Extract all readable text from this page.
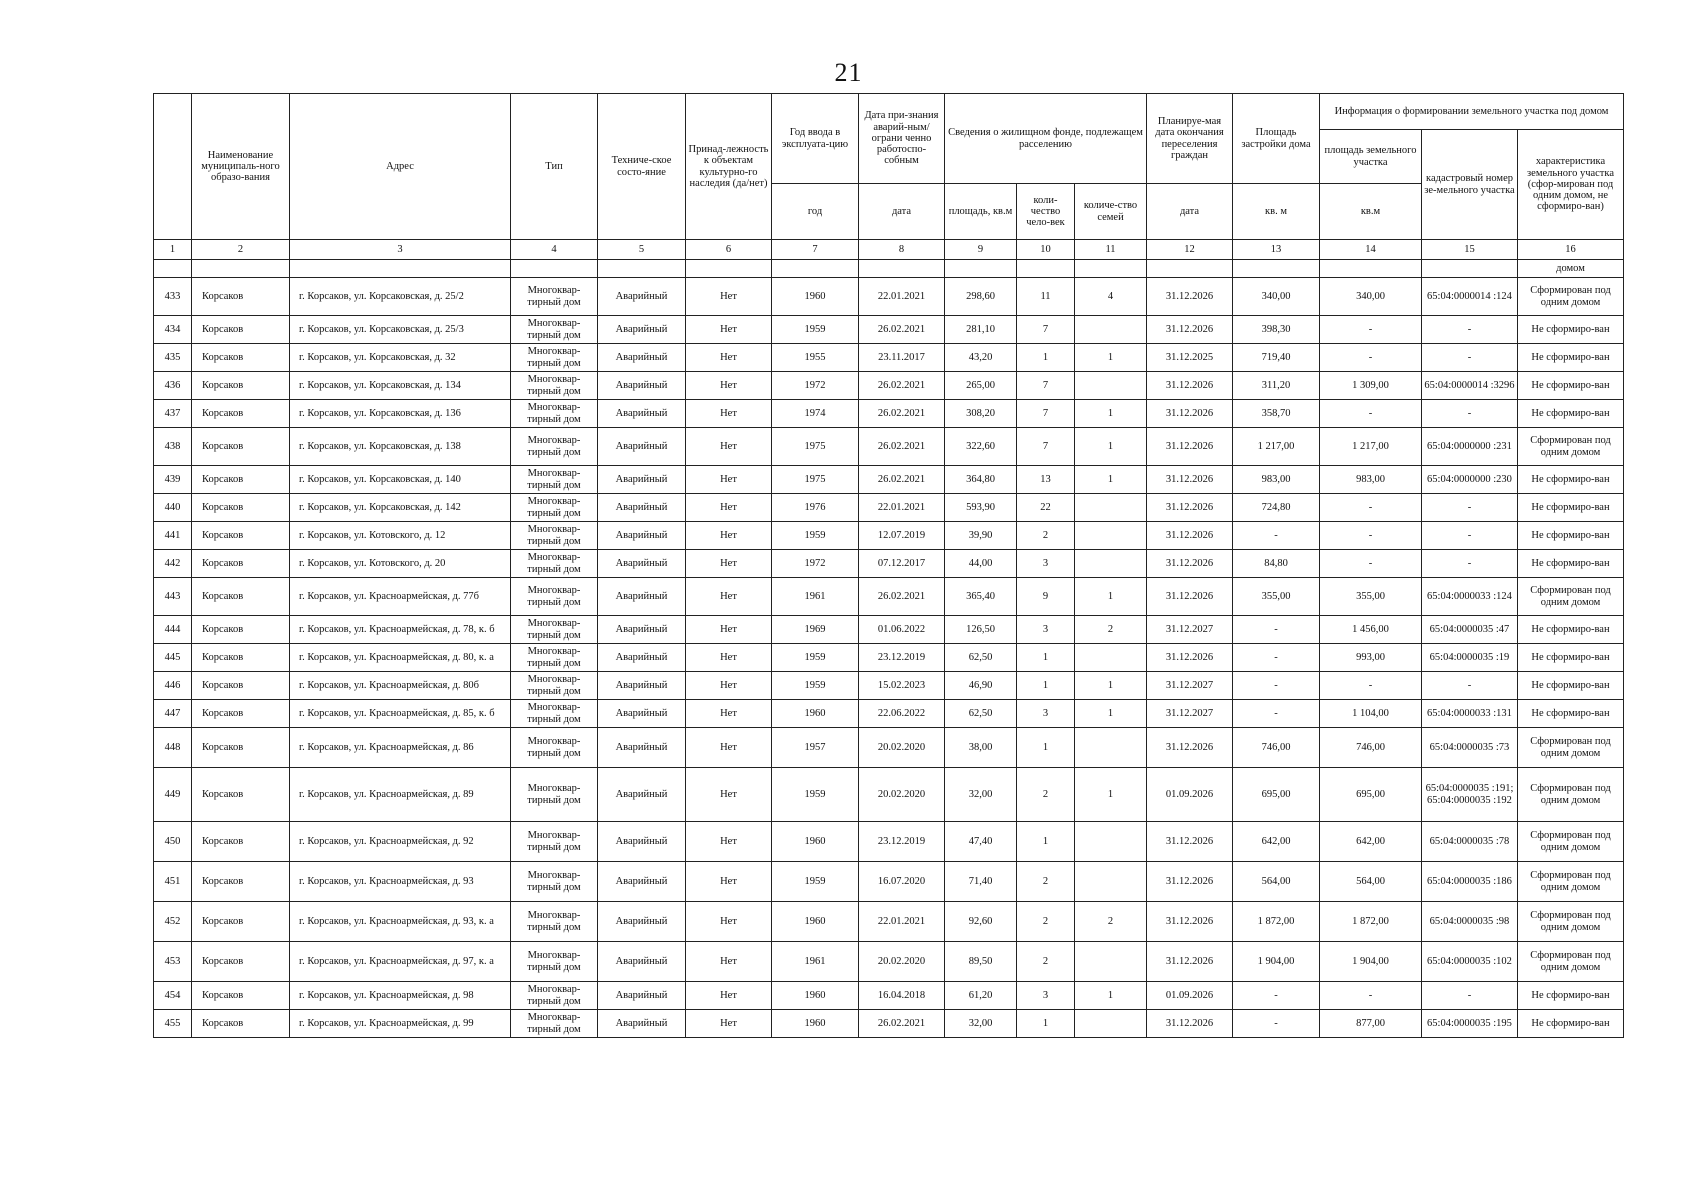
21
	Наименование муниципаль-ного образо-вания	Адрес	Тип	Техниче-ское состо-яние	Принад-лежность к объектам культурно-го наследия (да/нет)	Год ввода в эксплуата-цию	Дата при-знания аварий-ным/ограни ченно работоспо-собным	Сведения о жилищном фонде, подлежащем расселению			Планируе-мая дата окончания переселения граждан	Площадь застройки дома	Информация о формировании земельного участка под домом		
													площадь земельного участка	кадастровый номер зе-мельного участка	характеристика земельного участка (сфор-мирован под одним домом, не сформиро-ван)
						год	дата	площадь, кв.м	коли-чество чело-век	количе-ство семей	дата	кв. м	кв.м		
1	2	3	4	5	6	7	8	9	10	11	12	13	14	15	16
															домом
433	Корсаков	г. Корсаков, ул. Корсаковская, д. 25/2	Многоквар-тирный дом	Аварийный	Нет	1960	22.01.2021	298,60	11	4	31.12.2026	340,00	340,00	65:04:0000014 :124	Сформирован под одним домом
434	Корсаков	г. Корсаков, ул. Корсаковская, д. 25/3	Многоквар-тирный дом	Аварийный	Нет	1959	26.02.2021	281,10	7		31.12.2026	398,30	-	-	Не сформиро-ван
435	Корсаков	г. Корсаков, ул. Корсаковская, д. 32	Многоквар-тирный дом	Аварийный	Нет	1955	23.11.2017	43,20	1	1	31.12.2025	719,40	-	-	Не сформиро-ван
436	Корсаков	г. Корсаков, ул. Корсаковская, д. 134	Многоквар-тирный дом	Аварийный	Нет	1972	26.02.2021	265,00	7		31.12.2026	311,20	1 309,00	65:04:0000014 :3296	Не сформиро-ван
437	Корсаков	г. Корсаков, ул. Корсаковская, д. 136	Многоквар-тирный дом	Аварийный	Нет	1974	26.02.2021	308,20	7	1	31.12.2026	358,70	-	-	Не сформиро-ван
438	Корсаков	г. Корсаков, ул. Корсаковская, д. 138	Многоквар-тирный дом	Аварийный	Нет	1975	26.02.2021	322,60	7	1	31.12.2026	1 217,00	1 217,00	65:04:0000000 :231	Сформирован под одним домом
439	Корсаков	г. Корсаков, ул. Корсаковская, д. 140	Многоквар-тирный дом	Аварийный	Нет	1975	26.02.2021	364,80	13	1	31.12.2026	983,00	983,00	65:04:0000000 :230	Не сформиро-ван
440	Корсаков	г. Корсаков, ул. Корсаковская, д. 142	Многоквар-тирный дом	Аварийный	Нет	1976	22.01.2021	593,90	22		31.12.2026	724,80	-	-	Не сформиро-ван
441	Корсаков	г. Корсаков, ул. Котовского, д. 12	Многоквар-тирный дом	Аварийный	Нет	1959	12.07.2019	39,90	2		31.12.2026	-	-	-	Не сформиро-ван
442	Корсаков	г. Корсаков, ул. Котовского, д. 20	Многоквар-тирный дом	Аварийный	Нет	1972	07.12.2017	44,00	3		31.12.2026	84,80	-	-	Не сформиро-ван
443	Корсаков	г. Корсаков, ул. Красноармейская, д. 77б	Многоквар-тирный дом	Аварийный	Нет	1961	26.02.2021	365,40	9	1	31.12.2026	355,00	355,00	65:04:0000033 :124	Сформирован под одним домом
444	Корсаков	г. Корсаков, ул. Красноармейская, д. 78, к. б	Многоквар-тирный дом	Аварийный	Нет	1969	01.06.2022	126,50	3	2	31.12.2027	-	1 456,00	65:04:0000035 :47	Не сформиро-ван
445	Корсаков	г. Корсаков, ул. Красноармейская, д. 80, к. а	Многоквар-тирный дом	Аварийный	Нет	1959	23.12.2019	62,50	1		31.12.2026	-	993,00	65:04:0000035 :19	Не сформиро-ван
446	Корсаков	г. Корсаков, ул. Красноармейская, д. 80б	Многоквар-тирный дом	Аварийный	Нет	1959	15.02.2023	46,90	1	1	31.12.2027	-	-	-	Не сформиро-ван
447	Корсаков	г. Корсаков, ул. Красноармейская, д. 85, к. б	Многоквар-тирный дом	Аварийный	Нет	1960	22.06.2022	62,50	3	1	31.12.2027	-	1 104,00	65:04:0000033 :131	Не сформиро-ван
448	Корсаков	г. Корсаков, ул. Красноармейская, д. 86	Многоквар-тирный дом	Аварийный	Нет	1957	20.02.2020	38,00	1		31.12.2026	746,00	746,00	65:04:0000035 :73	Сформирован под одним домом
449	Корсаков	г. Корсаков, ул. Красноармейская, д. 89	Многоквар-тирный дом	Аварийный	Нет	1959	20.02.2020	32,00	2	1	01.09.2026	695,00	695,00	65:04:0000035 :191; 65:04:0000035 :192	Сформирован под одним домом
450	Корсаков	г. Корсаков, ул. Красноармейская, д. 92	Многоквар-тирный дом	Аварийный	Нет	1960	23.12.2019	47,40	1		31.12.2026	642,00	642,00	65:04:0000035 :78	Сформирован под одним домом
451	Корсаков	г. Корсаков, ул. Красноармейская, д. 93	Многоквар-тирный дом	Аварийный	Нет	1959	16.07.2020	71,40	2		31.12.2026	564,00	564,00	65:04:0000035 :186	Сформирован под одним домом
452	Корсаков	г. Корсаков, ул. Красноармейская, д. 93, к. а	Многоквар-тирный дом	Аварийный	Нет	1960	22.01.2021	92,60	2	2	31.12.2026	1 872,00	1 872,00	65:04:0000035 :98	Сформирован под одним домом
453	Корсаков	г. Корсаков, ул. Красноармейская, д. 97, к. а	Многоквар-тирный дом	Аварийный	Нет	1961	20.02.2020	89,50	2		31.12.2026	1 904,00	1 904,00	65:04:0000035 :102	Сформирован под одним домом
454	Корсаков	г. Корсаков, ул. Красноармейская, д. 98	Многоквар-тирный дом	Аварийный	Нет	1960	16.04.2018	61,20	3	1	01.09.2026	-	-	-	Не сформиро-ван
455	Корсаков	г. Корсаков, ул. Красноармейская, д. 99	Многоквар-тирный дом	Аварийный	Нет	1960	26.02.2021	32,00	1		31.12.2026	-	877,00	65:04:0000035 :195	Не сформиро-ван
